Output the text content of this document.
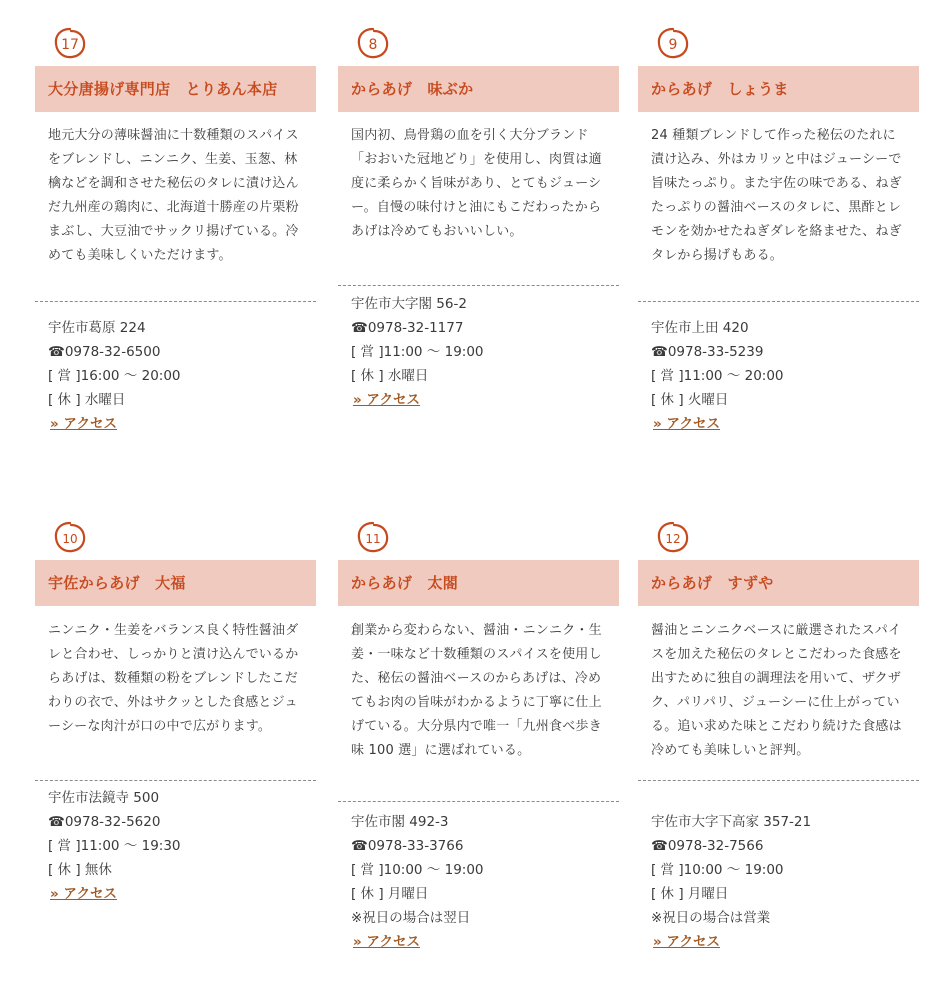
17
大分唐揚げ専門店　とりあん本店
地元大分の薄味醤油に十数種類のスパイスをブレンドし、ニンニク、生姜、玉葱、林檎などを調和させた秘伝のタレに漬け込んだ九州産の鶏肉に、北海道十勝産の片栗粉まぶし、大豆油でサックリ揚げている。冷めても美味しくいただけます。
宇佐市葛原 224
☎0978-32-6500
[ 営 ]16:00 ～ 20:00
[ 休 ] 水曜日
» アクセス
8
からあげ　味ぶか
国内初、鳥骨鶏の血を引く大分ブランド「おおいた冠地どり」を使用し、肉質は適度に柔らかく旨味があり、とてもジューシー。自慢の味付けと油にもこだわったからあげは冷めてもおいいしい。
宇佐市大字閣 56-2
☎0978-32-1177
[ 営 ]11:00 ～ 19:00
[ 休 ] 水曜日
» アクセス
9
からあげ　しょうま
24 種類ブレンドして作った秘伝のたれに漬け込み、外はカリッと中はジューシーで旨味たっぷり。また宇佐の味である、ねぎたっぷりの醤油ベースのタレに、黒酢とレモンを効かせたねぎダレを絡ませた、ねぎタレから揚げもある。
宇佐市上田 420
☎0978-33-5239
[ 営 ]11:00 ～ 20:00
[ 休 ] 火曜日
» アクセス
10
宇佐からあげ　大福
ニンニク・生姜をバランス良く特性醤油ダレと合わせ、しっかりと漬け込んでいるからあげは、数種類の粉をブレンドしたこだわりの衣で、外はサクッとした食感とジューシーな肉汁が口の中で広がります。
宇佐市法鏡寺 500
☎0978-32-5620
[ 営 ]11:00 ～ 19:30
[ 休 ] 無休
» アクセス
11
からあげ　太閤
創業から変わらない、醤油・ニンニク・生姜・一味など十数種類のスパイスを使用した、秘伝の醤油ベースのからあげは、冷めてもお肉の旨味がわかるように丁寧に仕上げている。大分県内で唯一「九州食べ歩き味 100 選」に選ばれている。
宇佐市閣 492-3
☎0978-33-3766
[ 営 ]10:00 ～ 19:00
[ 休 ] 月曜日
※祝日の場合は翌日
» アクセス
12
からあげ　すずや
醤油とニンニクベースに厳選されたスパイスを加えた秘伝のタレとこだわった食感を出すために独自の調理法を用いて、ザクザク、パリパリ、ジューシーに仕上がっている。追い求めた味とこだわり続けた食感は冷めても美味しいと評判。
宇佐市大字下高家 357-21
☎0978-32-7566
[ 営 ]10:00 ～ 19:00
[ 休 ] 月曜日
※祝日の場合は営業
» アクセス
